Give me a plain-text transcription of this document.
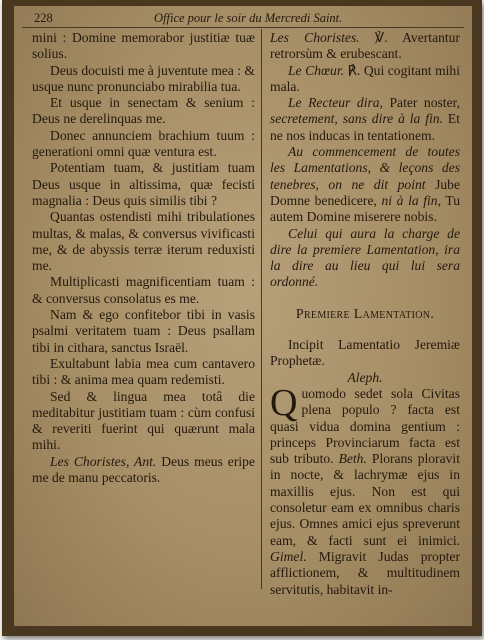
228	Office pour le soir du Mercredi Saint.

mini : Domine memorabor justitiæ tuæ solius.

Deus docuisti me à juventute mea : & usque nunc pronunciabo mirabilia tua.

Et usque in senectam & senium : Deus ne derelinquas me.

Donec annunciem brachium tuum : generationi omni quæ ventura est.

Potentiam tuam, & justitiam tuam Deus usque in altissima, quæ fecisti magnalia : Deus quis similis tibi ?

Quantas ostendisti mihi tribulationes multas, & malas, & conversus vivificasti me, & de abyssis terræ iterum reduxisti me.

Multiplicasti magnificentiam tuam : & conversus consolatus es me.

Nam & ego confitebor tibi in vasis psalmi veritatem tuam : Deus psallam tibi in cithara, sanctus Israël.

Exultabunt labia mea cum cantavero tibi : & anima mea quam redemisti.

Sed & lingua mea totâ die meditabitur justitiam tuam : cùm confusi & reveriti fuerint qui quærunt mala mihi.

Les Choristes, Ant. Deus meus eripe me de manu peccatoris.

Les Choristes. ℣. Avertantur retrorsùm & erubescant.

Le Chœur. ℟. Qui cogitant mihi mala.

Le Recteur dira, Pater noster, secretement, sans dire à la fin. Et ne nos inducas in tentationem.

Au commencement de toutes les Lamentations, & leçons des tenebres, on ne dit point Jube Domne benedicere, ni à la fin, Tu autem Domine miserere nobis.

Celui qui aura la charge de dire la premiere Lamentation, ira la dire au lieu qui lui sera ordonné.

Premiere Lamentation.

Incipit Lamentatio Jeremiæ Prophetæ.

Aleph.

Quomodo sedet sola Civitas plena populo ? facta est quasi vidua domina gentium : princeps Provinciarum facta est sub tributo. Beth. Plorans ploravit in nocte, & lachrymæ ejus in maxillis ejus. Non est qui consoletur eam ex omnibus charis ejus. Omnes amici ejus spreverunt eam, & facti sunt ei inimici. Gimel. Migravit Judas propter afflictionem, & multitudinem servitutis, habitavit in-
